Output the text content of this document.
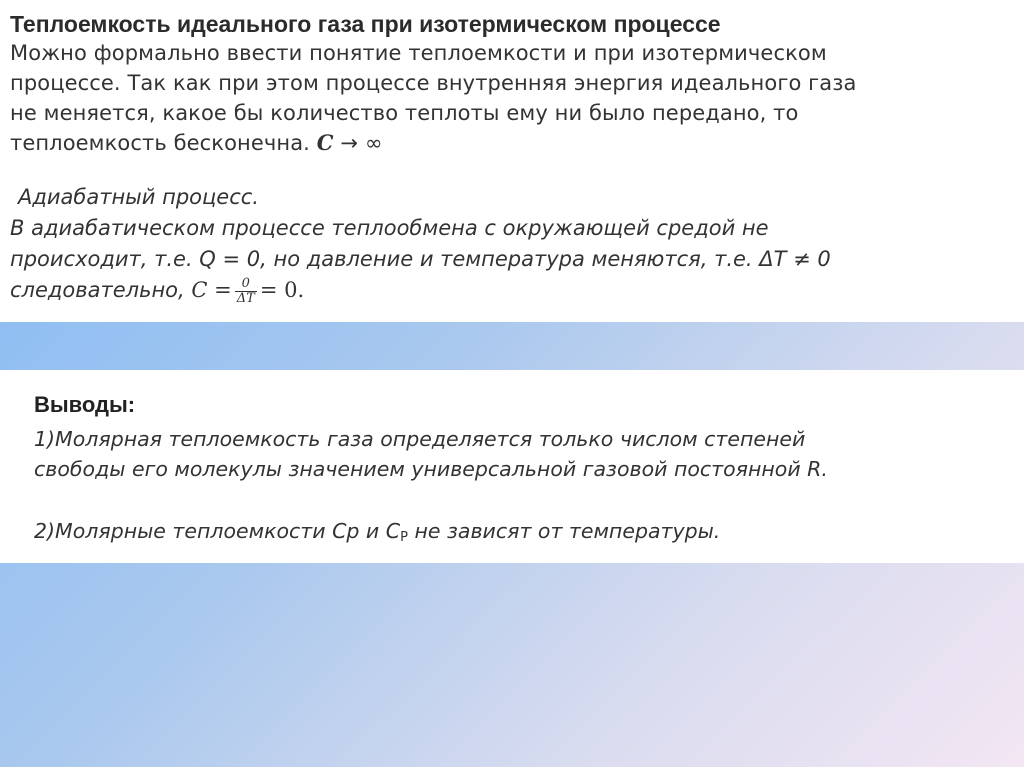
Теплоемкость идеального газа при изотермическом процессе

Можно формально ввести понятие теплоемкости и при изотермическом

процессе. Так как при этом процессе внутренняя энергия идеального газа

не меняется, какое бы количество теплоты ему ни было передано, то

теплоемкость бесконечна. C → ∞

Адиабатный процесс.

В адиабатическом процессе теплообмена с окружающей средой не

происходит, т.е. Q = 0, но давление и температура меняются, т.е. ΔT ≠ 0

следовательно, $C = \frac{0}{\Delta T} = 0$.

Выводы:

1)Молярная теплоемкость газа определяется только числом степеней

свободы его молекулы значением универсальной газовой постоянной R.

2)Молярные теплоемкости Ср и $С_Р$ не зависят от температуры.
